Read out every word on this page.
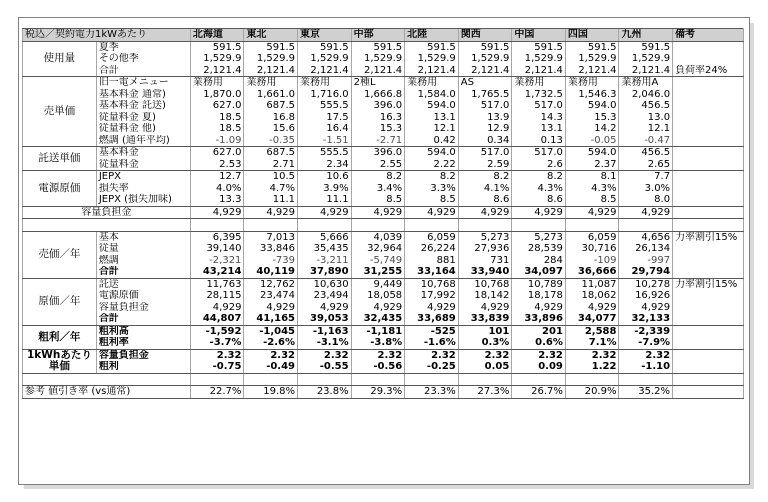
税込／契約電力1kWあたり		北海道	東北	東京	中部	北陸	関西	中国	四国	九州	備考
使用量	夏季	591.5	591.5	591.5	591.5	591.5	591.5	591.5	591.5	591.5	
	その他季	1,529.9	1,529.9	1,529.9	1,529.9	1,529.9	1,529.9	1,529.9	1,529.9	1,529.9	
	合計	2,121.4	2,121.4	2,121.4	2,121.4	2,121.4	2,121.4	2,121.4	2,121.4	2,121.4	負荷率24%
売単価	旧一電メニュー	業務用	業務用	業務用	2種L	業務用	AS	業務用	業務用	業務用A	
	基本料金 通常)	1,870.0	1,661.0	1,716.0	1,666.8	1,584.0	1,765.5	1,732.5	1,546.3	2,046.0	
	基本料金 託送)	627.0	687.5	555.5	396.0	594.0	517.0	517.0	594.0	456.5	
	従量料金 夏)	18.5	16.8	17.5	16.3	13.1	13.9	14.3	15.3	13.0	
	従量料金 他)	18.5	15.6	16.4	15.3	12.1	12.9	13.1	14.2	12.1	
	燃調 (通年平均)	-1.09	-0.35	-1.51	-2.71	0.42	0.34	0.13	-0.05	-0.47	
託送単価	基本料金	627.0	687.5	555.5	396.0	594.0	517.0	517.0	594.0	456.5	
	従量料金	2.53	2.71	2.34	2.55	2.22	2.59	2.6	2.37	2.65	
電源原価	JEPX	12.7	10.5	10.6	8.2	8.2	8.2	8.2	8.1	7.7	
	損失率	4.0%	4.7%	3.9%	3.4%	3.3%	4.1%	4.3%	4.3%	3.0%	
	JEPX (損失加味)	13.3	11.1	11.1	8.5	8.5	8.6	8.6	8.5	8.0	
容量負担金		4,929	4,929	4,929	4,929	4,929	4,929	4,929	4,929	4,929	

売価／年	基本	6,395	7,013	5,666	4,039	6,059	5,273	5,273	6,059	4,656	力率割引15%
	従量	39,140	33,846	35,435	32,964	26,224	27,936	28,539	30,716	26,134	
	燃調	-2,321	-739	-3,211	-5,749	881	731	284	-109	-997	
	合計	43,214	40,119	37,890	31,255	33,164	33,940	34,097	36,666	29,794	
原価／年	託送	11,763	12,762	10,630	9,449	10,768	10,768	10,789	11,087	10,278	力率割引15%
	電源原価	28,115	23,474	23,494	18,058	17,992	18,142	18,178	18,062	16,926	
	容量負担金	4,929	4,929	4,929	4,929	4,929	4,929	4,929	4,929	4,929	
	合計	44,807	41,165	39,053	32,435	33,689	33,839	33,896	34,077	32,133	
粗利／年	粗利高	-1,592	-1,045	-1,163	-1,181	-525	101	201	2,588	-2,339	
	粗利率	-3.7%	-2.6%	-3.1%	-3.8%	-1.6%	0.3%	0.6%	7.1%	-7.9%	

1kWhあたり
単価	容量負担金	2.32	2.32	2.32	2.32	2.32	2.32	2.32	2.32	2.32	
	粗利	-0.75	-0.49	-0.55	-0.56	-0.25	0.05	0.09	1.22	-1.10	

参考 値引き率 (vs通常)		22.7%	19.8%	23.8%	29.3%	23.3%	27.3%	26.7%	20.9%	35.2%	
